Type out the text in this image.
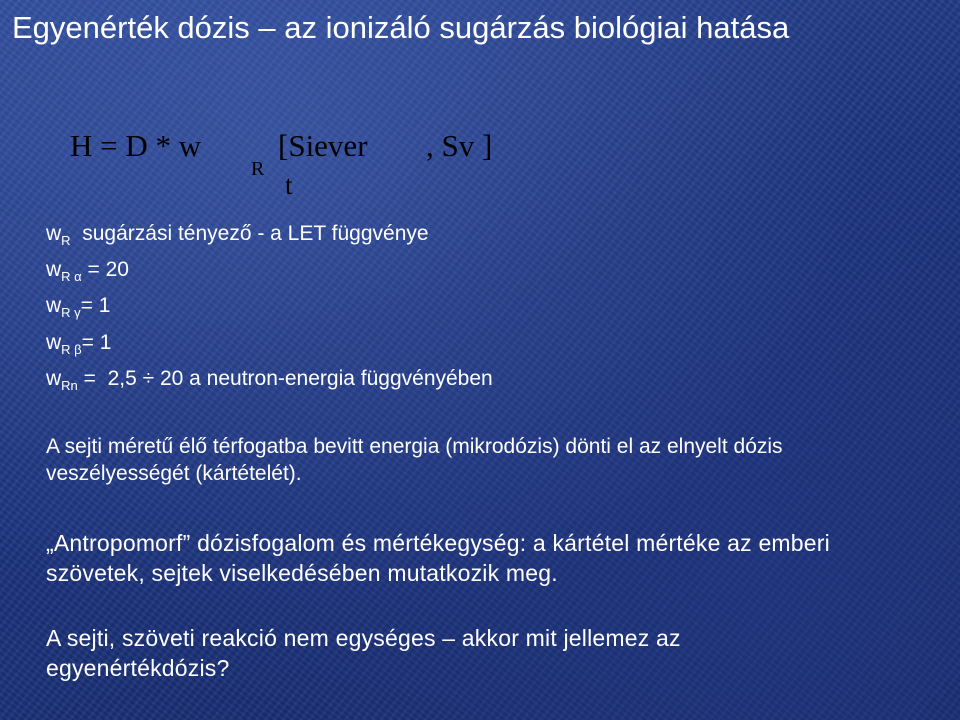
Egyenérték dózis – az ionizáló sugárzás biológiai hatása
H = D * w
R
[Siever , Sv ]
t
$w_R$  sugárzási tényező - a LET függvénye
$w_{R \alpha} = 20$
$w_{R \gamma}= 1$
$w_{R \beta}= 1$
$w_{Rn} = 2,5 \div 20$ a neutron-energia függvényében
A sejti méretű élő térfogatba bevitt energia (mikrodózis) dönti el az elnyelt dózis veszélyességét (kártételét).
„Antropomorf” dózisfogalom és mértékegység: a kártétel mértéke az emberi szövetek, sejtek viselkedésében mutatkozik meg.
A sejti, szöveti reakció nem egységes – akkor mit jellemez az egyenértékdózis?
